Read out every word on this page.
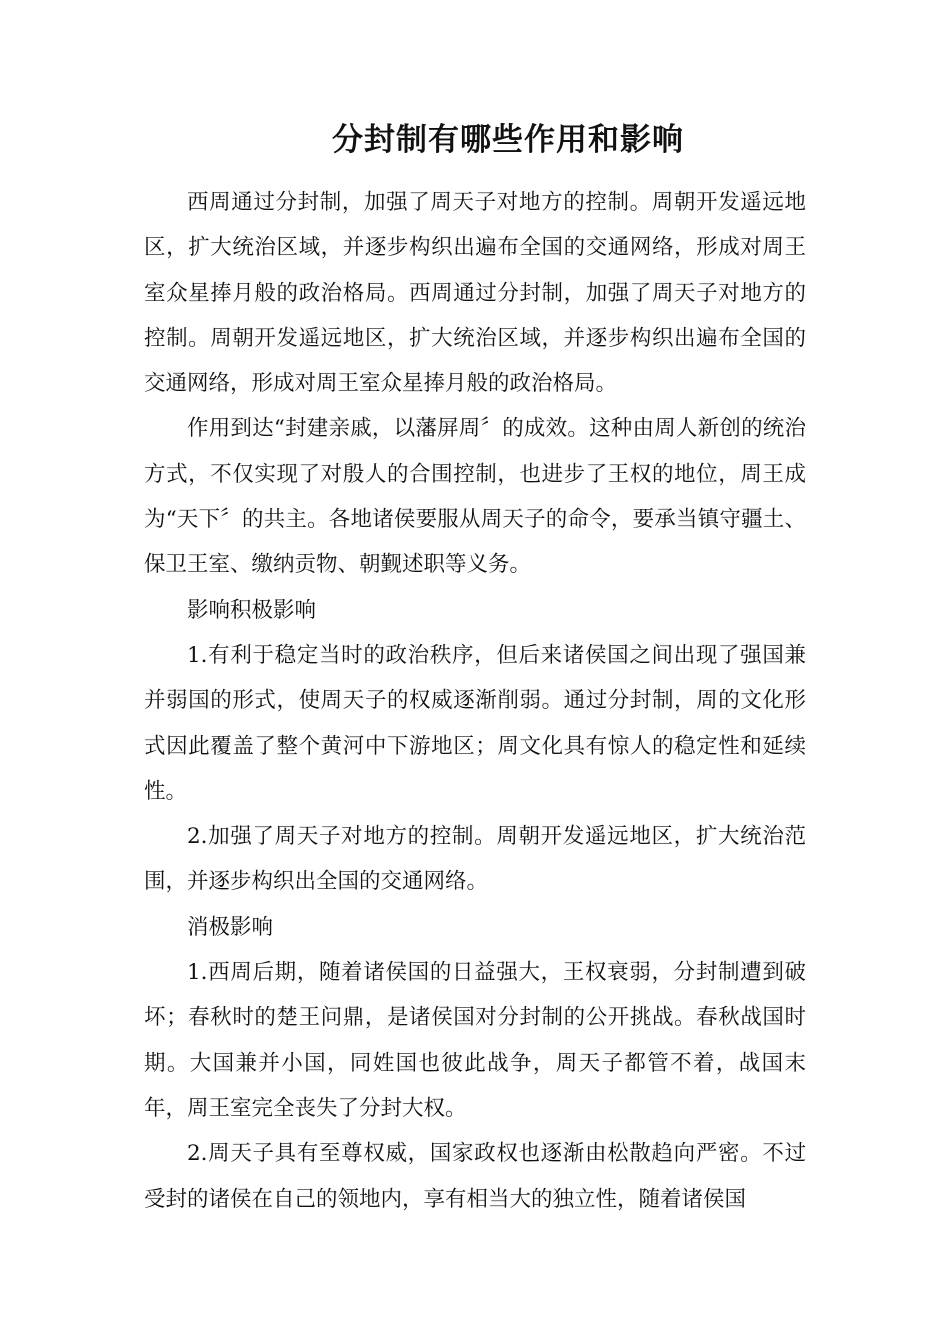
分封制有哪些作用和影响

西周通过分封制，加强了周天子对地方的控制。周朝开发遥远地区，扩大统治区域，并逐步构织出遍布全国的交通网络，形成对周王室众星捧月般的政治格局。西周通过分封制，加强了周天子对地方的控制。周朝开发遥远地区，扩大统治区域，并逐步构织出遍布全国的交通网络，形成对周王室众星捧月般的政治格局。

作用到达“封建亲戚，以藩屏周〞的成效。这种由周人新创的统治方式，不仅实现了对殷人的合围控制，也进步了王权的地位，周王成为“天下〞的共主。各地诸侯要服从周天子的命令，要承当镇守疆土、保卫王室、缴纳贡物、朝觐述职等义务。

影响积极影响

1.有利于稳定当时的政治秩序，但后来诸侯国之间出现了强国兼并弱国的形式，使周天子的权威逐渐削弱。通过分封制，周的文化形式因此覆盖了整个黄河中下游地区；周文化具有惊人的稳定性和延续性。

2.加强了周天子对地方的控制。周朝开发遥远地区，扩大统治范围，并逐步构织出全国的交通网络。

消极影响

1.西周后期，随着诸侯国的日益强大，王权衰弱，分封制遭到破坏；春秋时的楚王问鼎，是诸侯国对分封制的公开挑战。春秋战国时期。大国兼并小国，同姓国也彼此战争，周天子都管不着，战国末年，周王室完全丧失了分封大权。

2.周天子具有至尊权威，国家政权也逐渐由松散趋向严密。不过受封的诸侯在自己的领地内，享有相当大的独立性，随着诸侯国
